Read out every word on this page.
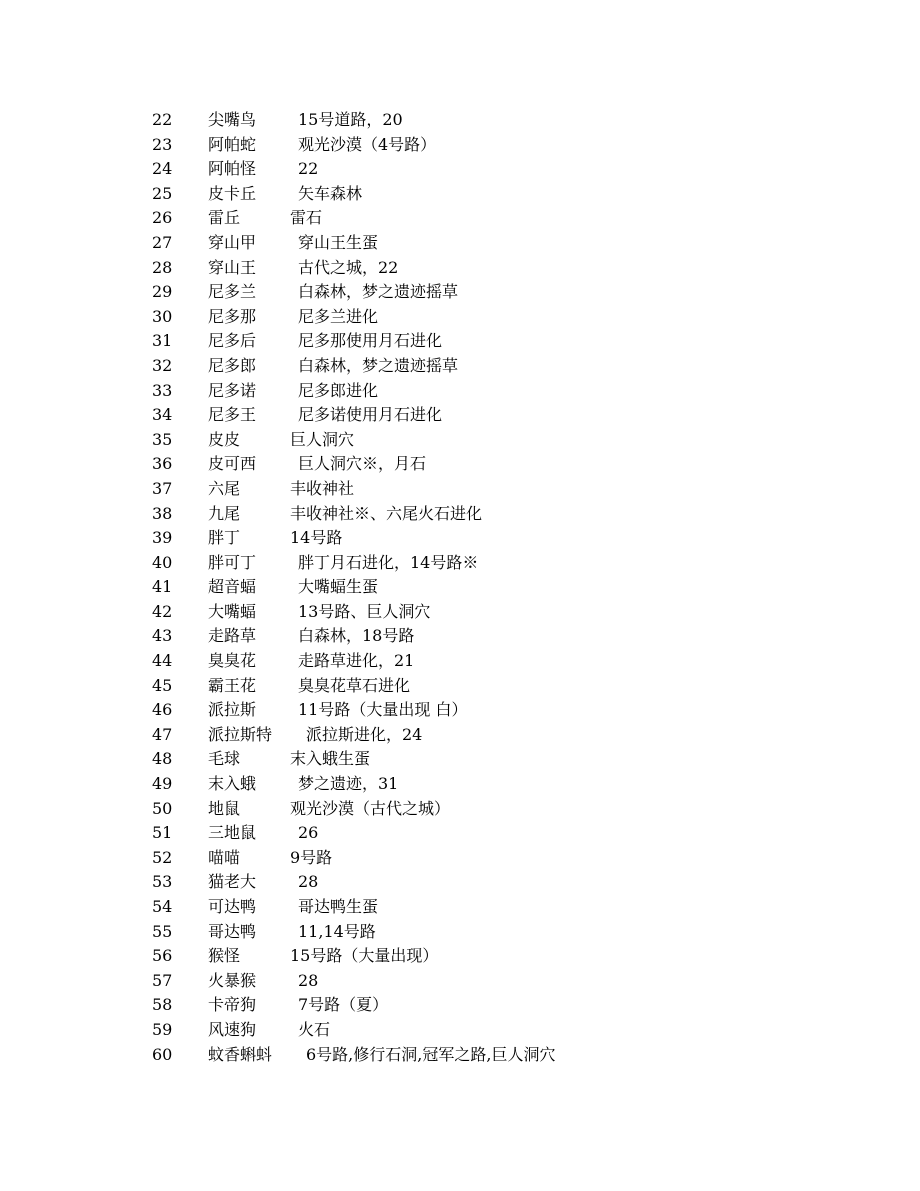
22 尖嘴鸟	15号道路，20
23 阿帕蛇	观光沙漠（4号路）
24 阿帕怪	22
25 皮卡丘	矢车森林
26 雷丘	雷石
27 穿山甲	穿山王生蛋
28 穿山王	古代之城，22
29 尼多兰	白森林，梦之遗迹摇草
30 尼多那	尼多兰进化
31 尼多后	尼多那使用月石进化
32 尼多郎	白森林，梦之遗迹摇草
33 尼多诺	尼多郎进化
34 尼多王	尼多诺使用月石进化
35 皮皮	巨人洞穴
36 皮可西	巨人洞穴※，月石
37 六尾	丰收神社
38 九尾	丰收神社※、六尾火石进化
39 胖丁	14号路
40 胖可丁	胖丁月石进化，14号路※
41 超音蝠	大嘴蝠生蛋
42 大嘴蝠	13号路、巨人洞穴
43 走路草	白森林，18号路
44 臭臭花	走路草进化，21
45 霸王花	臭臭花草石进化
46 派拉斯	11号路（大量出现 白）
47 派拉斯特 派拉斯进化，24
48 毛球	末入蛾生蛋
49 末入蛾	梦之遗迹，31
50 地鼠	观光沙漠（古代之城）
51 三地鼠	26
52 喵喵	9号路
53 猫老大	28
54 可达鸭	哥达鸭生蛋
55 哥达鸭	11,14号路
56 猴怪	15号路（大量出现）
57 火暴猴	28
58 卡帝狗	7号路（夏）
59 风速狗	火石
60 蚊香蝌蚪 6号路,修行石洞,冠军之路,巨人洞穴
